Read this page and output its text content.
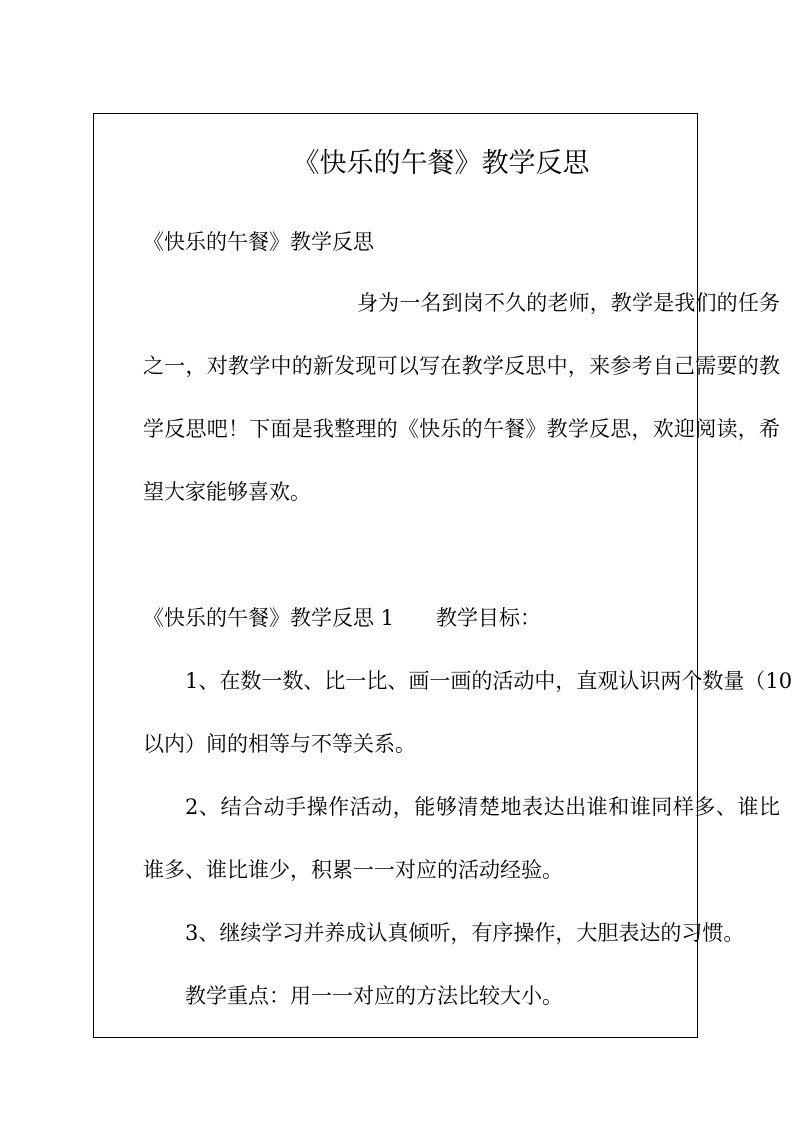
《快乐的午餐》教学反思
《快乐的午餐》教学反思
身为一名到岗不久的老师，教学是我们的任务
之一，对教学中的新发现可以写在教学反思中，来参考自己需要的教
学反思吧！下面是我整理的《快乐的午餐》教学反思，欢迎阅读，希
望大家能够喜欢。
《快乐的午餐》教学反思 1 教学目标：
1、在数一数、比一比、画一画的活动中，直观认识两个数量（10
以内）间的相等与不等关系。
2、结合动手操作活动，能够清楚地表达出谁和谁同样多、谁比
谁多、谁比谁少，积累一一对应的活动经验。
3、继续学习并养成认真倾听，有序操作，大胆表达的习惯。
教学重点：用一一对应的方法比较大小。
